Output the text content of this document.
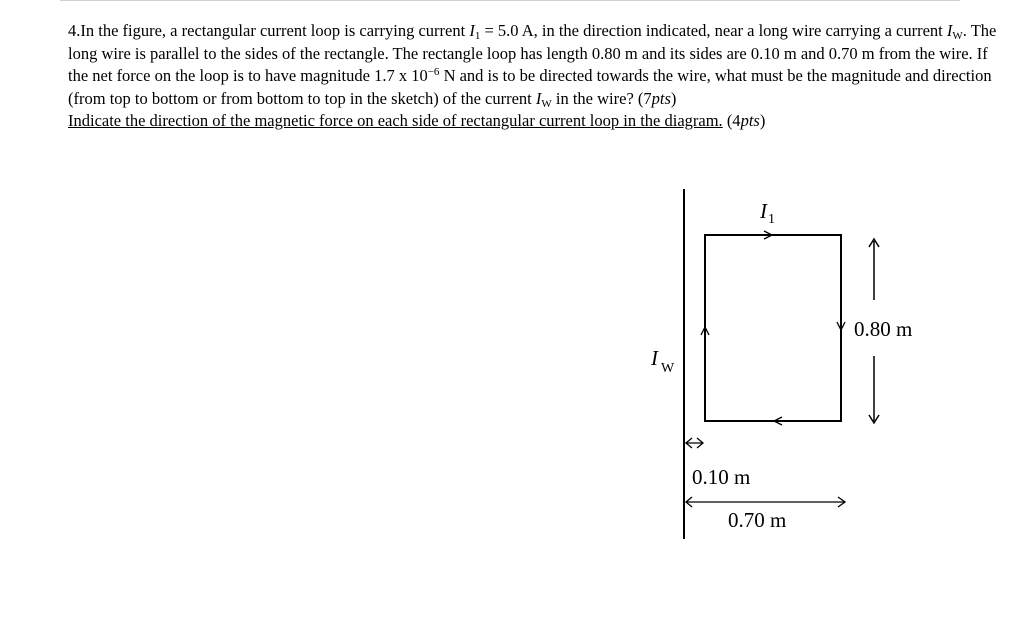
4.In the figure, a rectangular current loop is carrying current $I_1 = 5.0$ A, in the direction indicated, near a long wire carrying a current $I_W$. The long wire is parallel to the sides of the rectangle. The rectangle loop has length 0.80 m and its sides are 0.10 m and 0.70 m from the wire. If the net force on the loop is to have magnitude 1.7 x $10^{-6}$ N and is to be directed towards the wire, what must be the magnitude and direction (from top to bottom or from bottom to top in the sketch) of the current $I_W$ in the wire? (7pts)

Indicate the direction of the magnetic force on each side of rectangular current loop in the diagram. (4pts)

I 1
I W
0.80 m
0.10 m
0.70 m
